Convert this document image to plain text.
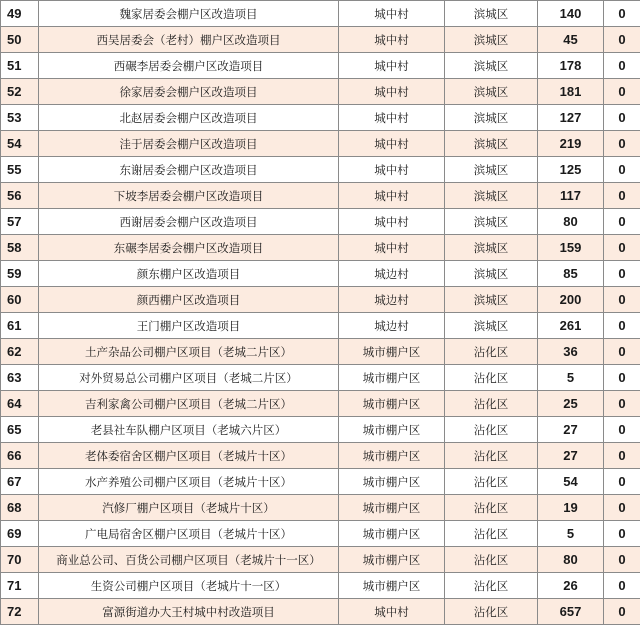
49	魏家居委会棚户区改造项目	城中村	滨城区	140	0
50	西吴居委会（老村）棚户区改造项目	城中村	滨城区	45	0
51	西碾李居委会棚户区改造项目	城中村	滨城区	178	0
52	徐家居委会棚户区改造项目	城中村	滨城区	181	0
53	北赵居委会棚户区改造项目	城中村	滨城区	127	0
54	洼于居委会棚户区改造项目	城中村	滨城区	219	0
55	东谢居委会棚户区改造项目	城中村	滨城区	125	0
56	下坡李居委会棚户区改造项目	城中村	滨城区	117	0
57	西谢居委会棚户区改造项目	城中村	滨城区	80	0
58	东碾李居委会棚户区改造项目	城中村	滨城区	159	0
59	颜东棚户区改造项目	城边村	滨城区	85	0
60	颜西棚户区改造项目	城边村	滨城区	200	0
61	王门棚户区改造项目	城边村	滨城区	261	0
62	土产杂品公司棚户区项目（老城二片区）	城市棚户区	沾化区	36	0
63	对外贸易总公司棚户区项目（老城二片区）	城市棚户区	沾化区	5	0
64	吉利家禽公司棚户区项目（老城二片区）	城市棚户区	沾化区	25	0
65	老县社车队棚户区项目（老城六片区）	城市棚户区	沾化区	27	0
66	老体委宿舍区棚户区项目（老城片十区）	城市棚户区	沾化区	27	0
67	水产养殖公司棚户区项目（老城片十区）	城市棚户区	沾化区	54	0
68	汽修厂棚户区项目（老城片十区）	城市棚户区	沾化区	19	0
69	广电局宿舍区棚户区项目（老城片十区）	城市棚户区	沾化区	5	0
70	商业总公司、百货公司棚户区项目（老城片十一区）	城市棚户区	沾化区	80	0
71	生资公司棚户区项目（老城片十一区）	城市棚户区	沾化区	26	0
72	富源街道办大王村城中村改造项目	城中村	沾化区	657	0
